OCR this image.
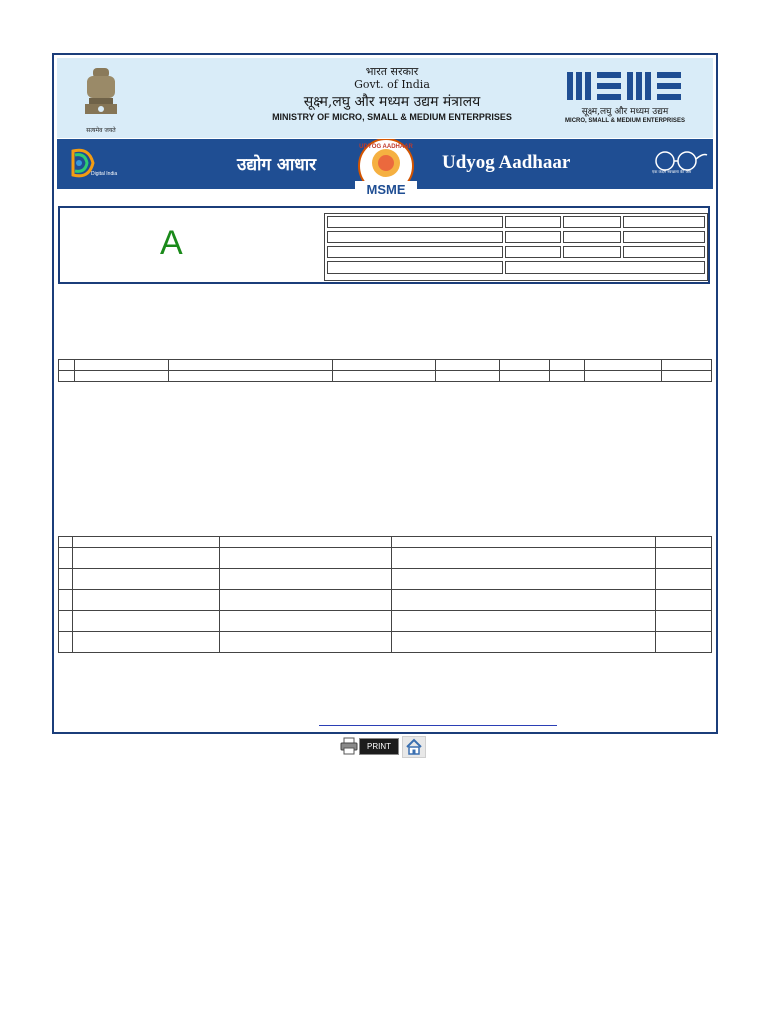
सत्यमेव जयते
भारत सरकार
Govt. of India
सूक्ष्म,लघु और मध्यम उद्यम मंत्रालय
MINISTRY OF MICRO, SMALL & MEDIUM ENTERPRISES	सूक्ष्म,लघु और मध्यम उद्यम
MICRO, SMALL & MEDIUM ENTERPRISES
Digital India	उद्योग आधार
UDYOG AADHAAR
MSME
Udyog Aadhaar	एक कदम स्वच्छता की ओर
A

PRINT
